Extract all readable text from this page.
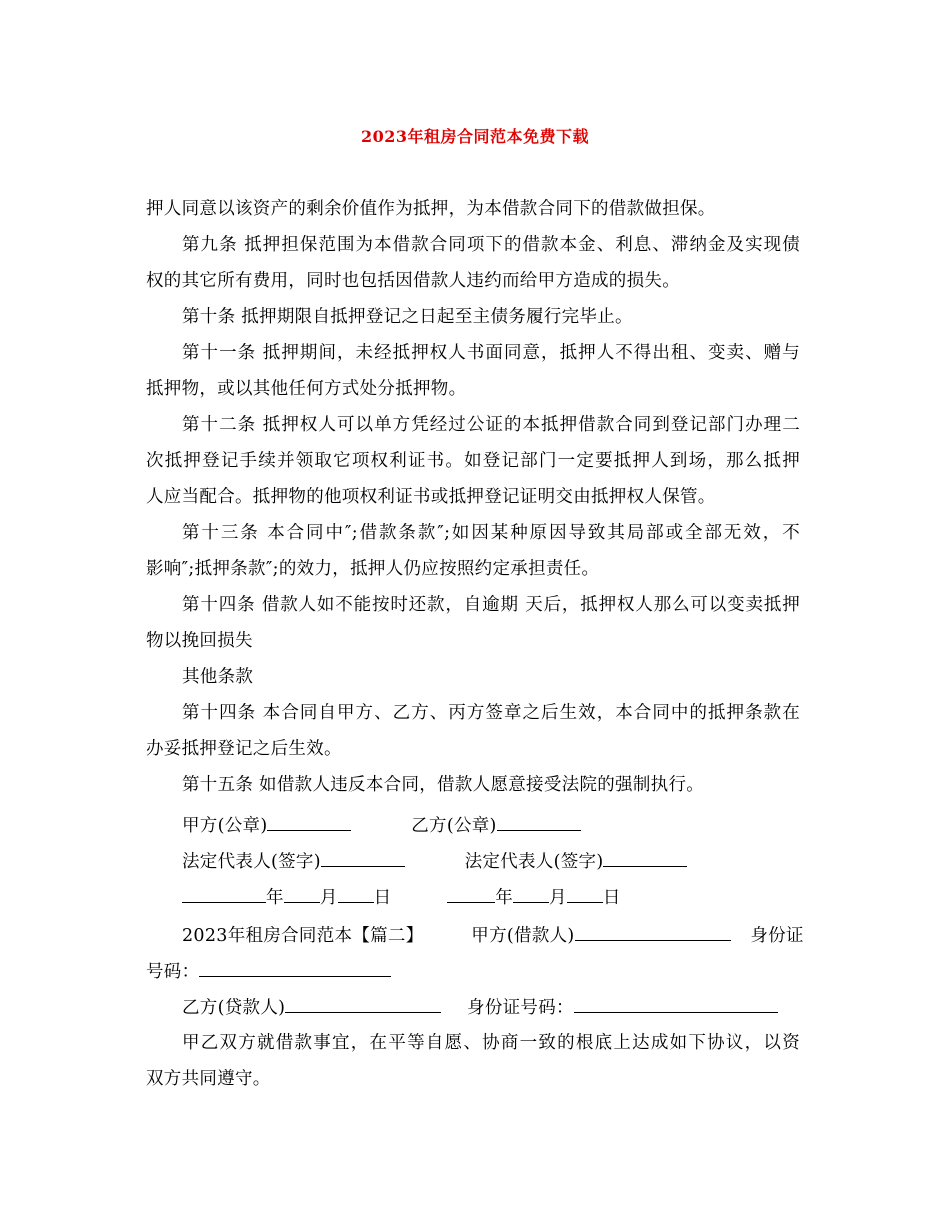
2023年租房合同范本免费下载
押人同意以该资产的剩余价值作为抵押，为本借款合同下的借款做担保。
第九条 抵押担保范围为本借款合同项下的借款本金、利息、滞纳金及实现债
权的其它所有费用，同时也包括因借款人违约而给甲方造成的损失。
第十条 抵押期限自抵押登记之日起至主债务履行完毕止。
第十一条 抵押期间，未经抵押权人书面同意，抵押人不得出租、变卖、赠与
抵押物，或以其他任何方式处分抵押物。
第十二条 抵押权人可以单方凭经过公证的本抵押借款合同到登记部门办理二
次抵押登记手续并领取它项权利证书。如登记部门一定要抵押人到场，那么抵押
人应当配合。抵押物的他项权利证书或抵押登记证明交由抵押权人保管。
第十三条 本合同中″;借款条款″;如因某种原因导致其局部或全部无效，不
影响″;抵押条款″;的效力，抵押人仍应按照约定承担责任。
第十四条 借款人如不能按时还款，自逾期 天后，抵押权人那么可以变卖抵押
物以挽回损失
其他条款
第十四条 本合同自甲方、乙方、丙方签章之后生效，本合同中的抵押条款在
办妥抵押登记之后生效。
第十五条 如借款人违反本合同，借款人愿意接受法院的强制执行。
甲方(公章)	乙方(公章)
法定代表人(签字)	法定代表人(签字)
年 月 日	年 月 日
2023年租房合同范本【篇二】	甲方(借款人)	身份证
号码：
乙方(贷款人)	身份证号码：
甲乙双方就借款事宜，在平等自愿、协商一致的根底上达成如下协议，以资
双方共同遵守。
